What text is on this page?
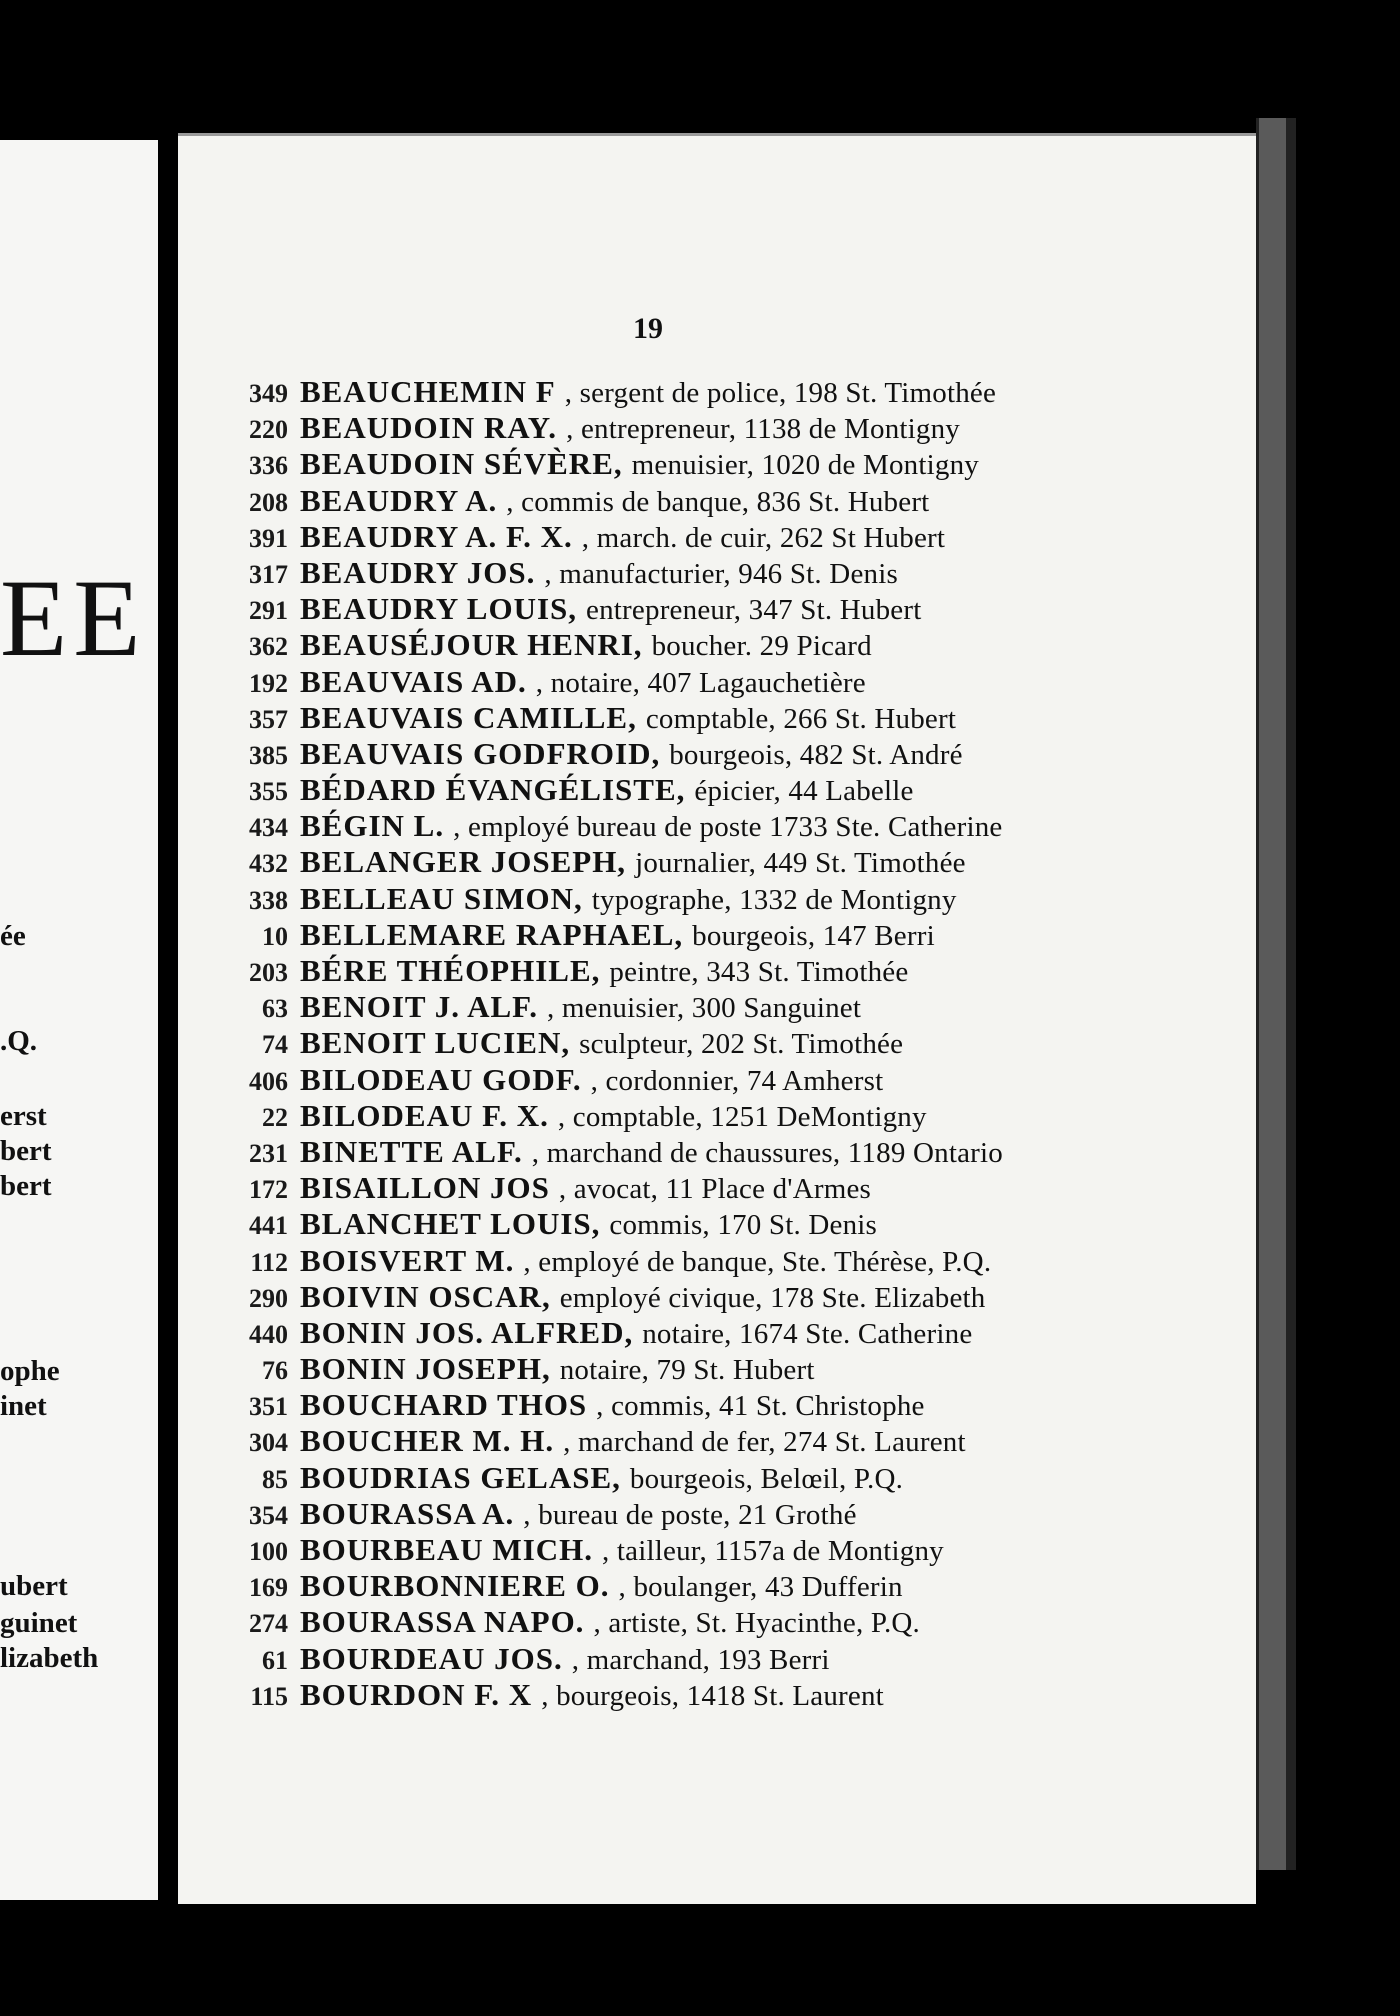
EE
ée
.Q.
erst
bert
bert
ophe
inet
ubert
guinet
lizabeth
19
349 BEAUCHEMIN F , sergent de police, 198 St. Timothée
220 BEAUDOIN RAY. , entrepreneur, 1138 de Montigny
336 BEAUDOIN SÉVÈRE, menuisier, 1020 de Montigny
208 BEAUDRY A. , commis de banque, 836 St. Hubert
391 BEAUDRY A. F. X. , march. de cuir, 262 St Hubert
317 BEAUDRY JOS. , manufacturier, 946 St. Denis
291 BEAUDRY LOUIS, entrepreneur, 347 St. Hubert
362 BEAUSÉJOUR HENRI, boucher. 29 Picard
192 BEAUVAIS AD. , notaire, 407 Lagauchetière
357 BEAUVAIS CAMILLE, comptable, 266 St. Hubert
385 BEAUVAIS GODFROID, bourgeois, 482 St. André
355 BÉDARD ÉVANGÉLISTE, épicier, 44 Labelle
434 BÉGIN L. , employé bureau de poste 1733 Ste. Catherine
432 BELANGER JOSEPH, journalier, 449 St. Timothée
338 BELLEAU SIMON, typographe, 1332 de Montigny
10 BELLEMARE RAPHAEL, bourgeois, 147 Berri
203 BÉRE THÉOPHILE, peintre, 343 St. Timothée
63 BENOIT J. ALF. , menuisier, 300 Sanguinet
74 BENOIT LUCIEN, sculpteur, 202 St. Timothée
406 BILODEAU GODF. , cordonnier, 74 Amherst
22 BILODEAU F. X. , comptable, 1251 DeMontigny
231 BINETTE ALF. , marchand de chaussures, 1189 Ontario
172 BISAILLON JOS , avocat, 11 Place d'Armes
441 BLANCHET LOUIS, commis, 170 St. Denis
112 BOISVERT M. , employé de banque, Ste. Thérèse, P.Q.
290 BOIVIN OSCAR, employé civique, 178 Ste. Elizabeth
440 BONIN JOS. ALFRED, notaire, 1674 Ste. Catherine
76 BONIN JOSEPH, notaire, 79 St. Hubert
351 BOUCHARD THOS , commis, 41 St. Christophe
304 BOUCHER M. H. , marchand de fer, 274 St. Laurent
85 BOUDRIAS GELASE, bourgeois, Belœil, P.Q.
354 BOURASSA A. , bureau de poste, 21 Grothé
100 BOURBEAU MICH. , tailleur, 1157a de Montigny
169 BOURBONNIERE O. , boulanger, 43 Dufferin
274 BOURASSA NAPO. , artiste, St. Hyacinthe, P.Q.
61 BOURDEAU JOS. , marchand, 193 Berri
115 BOURDON F. X , bourgeois, 1418 St. Laurent
